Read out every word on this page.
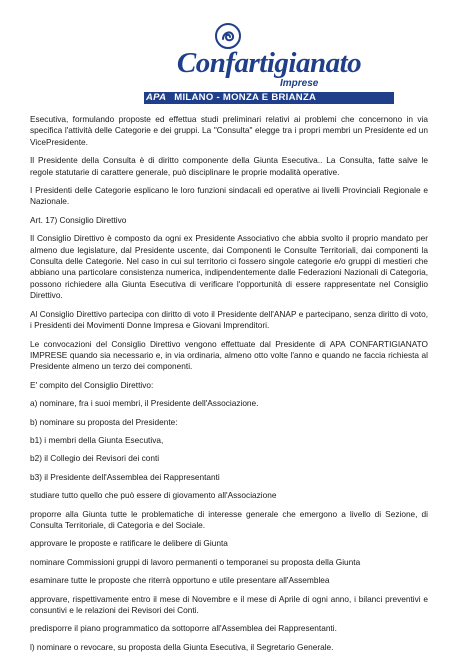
Confartigianato
Imprese
APA MILANO - MONZA E BRIANZA

Esecutiva, formulando proposte ed effettua studi preliminari relativi ai problemi che concernono in via specifica l'attività delle Categorie e dei gruppi. La "Consulta" elegge tra i propri membri un Presidente ed un VicePresidente.

Il Presidente della Consulta è di diritto componente della Giunta Esecutiva.. La Consulta, fatte salve le regole statutarie di carattere generale, può disciplinare le proprie modalità operative.

I Presidenti delle Categorie esplicano le loro funzioni sindacali ed operative ai livelli Provinciali Regionale e Nazionale.

Art. 17) Consiglio Direttivo

Il Consiglio Direttivo è composto da ogni ex Presidente Associativo che abbia svolto il proprio mandato per almeno due legislature, dal Presidente uscente, dai Componenti le Consulte Territoriali, dai componenti la Consulta delle Categorie. Nel caso in cui sul territorio ci fossero singole categorie e/o gruppi di mestieri che abbiano una particolare consistenza numerica, indipendentemente dalle Federazioni Nazionali di Categoria, possono richiedere alla Giunta Esecutiva di verificare l'opportunità di essere rappresentate nel Consiglio Direttivo.

Al Consiglio Direttivo partecipa con diritto di voto il Presidente dell'ANAP e partecipano, senza diritto di voto, i Presidenti dei Movimenti Donne Impresa e Giovani Imprenditori.

Le convocazioni del Consiglio Direttivo vengono effettuate dal Presidente di APA CONFARTIGIANATO IMPRESE quando sia necessario e, in via ordinaria, almeno otto volte l'anno e quando ne faccia richiesta al Presidente almeno un terzo dei componenti.

E' compito del Consiglio Direttivo:

a) nominare, fra i suoi membri, il Presidente dell'Associazione.

b) nominare su proposta del Presidente:

b1) i membri della Giunta Esecutiva,

b2) il Collegio dei Revisori dei conti

b3) il Presidente dell'Assemblea dei Rappresentanti

studiare tutto quello che può essere di giovamento all'Associazione

proporre alla Giunta tutte le problematiche di interesse generale che emergono a livello di Sezione, di Consulta Territoriale, di Categoria e del Sociale.

approvare le proposte e ratificare le delibere di Giunta

nominare Commissioni gruppi di lavoro permanenti o temporanei su proposta della Giunta

esaminare tutte le proposte che riterrà opportuno e utile presentare all'Assemblea

approvare, rispettivamente entro il mese di Novembre e il mese di Aprile di ogni anno, i bilanci preventivi e consuntivi e le relazioni dei Revisori dei Conti.

predisporre il piano programmatico da sottoporre all'Assemblea dei Rappresentanti.

l) nominare o revocare, su proposta della Giunta Esecutiva, il Segretario Generale.
